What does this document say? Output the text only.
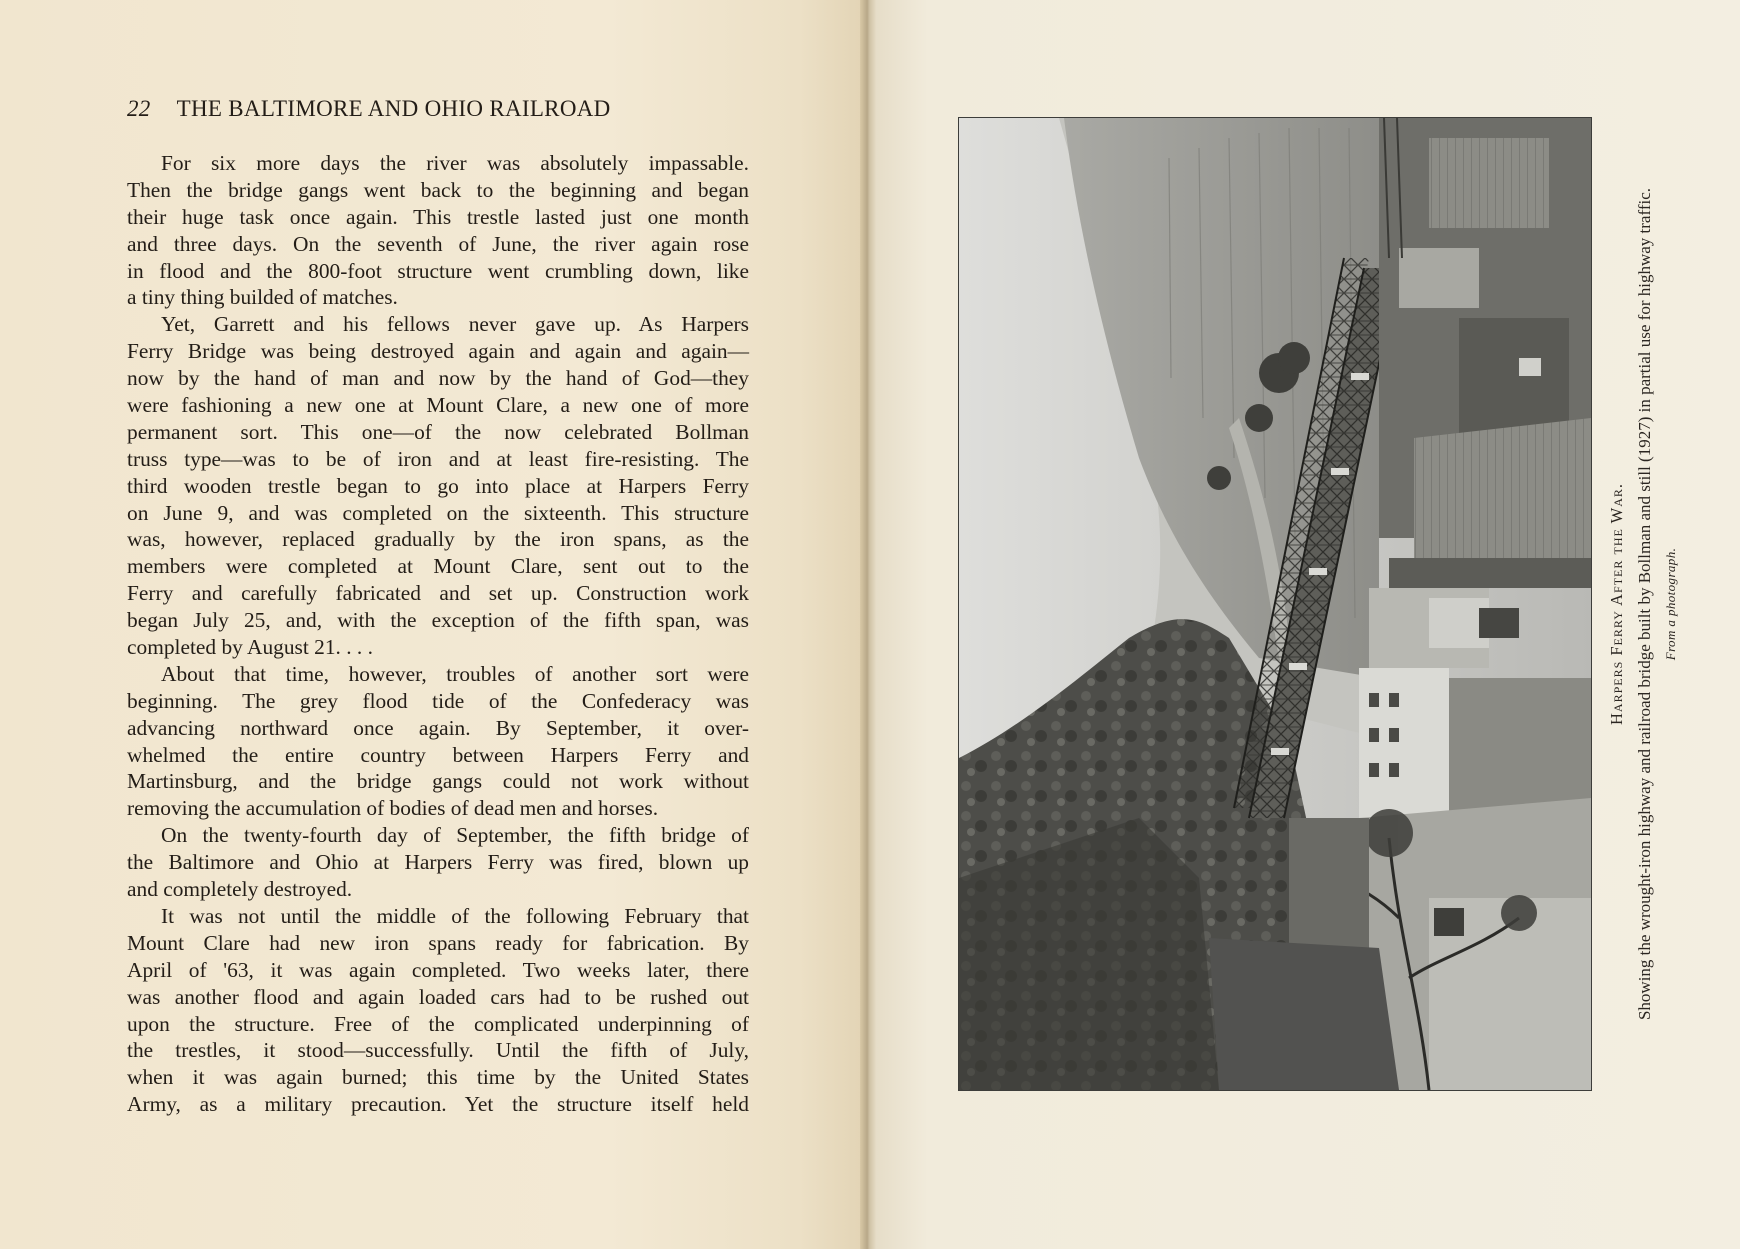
22 THE BALTIMORE AND OHIO RAILROAD

For six more days the river was absolutely impassable.
Then the bridge gangs went back to the beginning and began
their huge task once again. This trestle lasted just one month
and three days. On the seventh of June, the river again rose
in flood and the 800-foot structure went crumbling down, like
a tiny thing builded of matches.

Yet, Garrett and his fellows never gave up. As Harpers
Ferry Bridge was being destroyed again and again and again—
now by the hand of man and now by the hand of God—they
were fashioning a new one at Mount Clare, a new one of more
permanent sort. This one—of the now celebrated Bollman
truss type—was to be of iron and at least fire-resisting. The
third wooden trestle began to go into place at Harpers Ferry
on June 9, and was completed on the sixteenth. This structure
was, however, replaced gradually by the iron spans, as the
members were completed at Mount Clare, sent out to the
Ferry and carefully fabricated and set up. Construction work
began July 25, and, with the exception of the fifth span, was
completed by August 21. . . .

About that time, however, troubles of another sort were
beginning. The grey flood tide of the Confederacy was
advancing northward once again. By September, it over-
whelmed the entire country between Harpers Ferry and
Martinsburg, and the bridge gangs could not work without
removing the accumulation of bodies of dead men and horses.

On the twenty-fourth day of September, the fifth bridge of
the Baltimore and Ohio at Harpers Ferry was fired, blown up
and completely destroyed.

It was not until the middle of the following February that
Mount Clare had new iron spans ready for fabrication. By
April of '63, it was again completed. Two weeks later, there
was another flood and again loaded cars had to be rushed out
upon the structure. Free of the complicated underpinning of
the trestles, it stood—successfully. Until the fifth of July,
when it was again burned; this time by the United States
Army, as a military precaution. Yet the structure itself held

Harpers Ferry After the War. Showing the wrought-iron highway and railroad bridge built by Bollman and still (1927) in partial use for highway traffic. From a photograph.
